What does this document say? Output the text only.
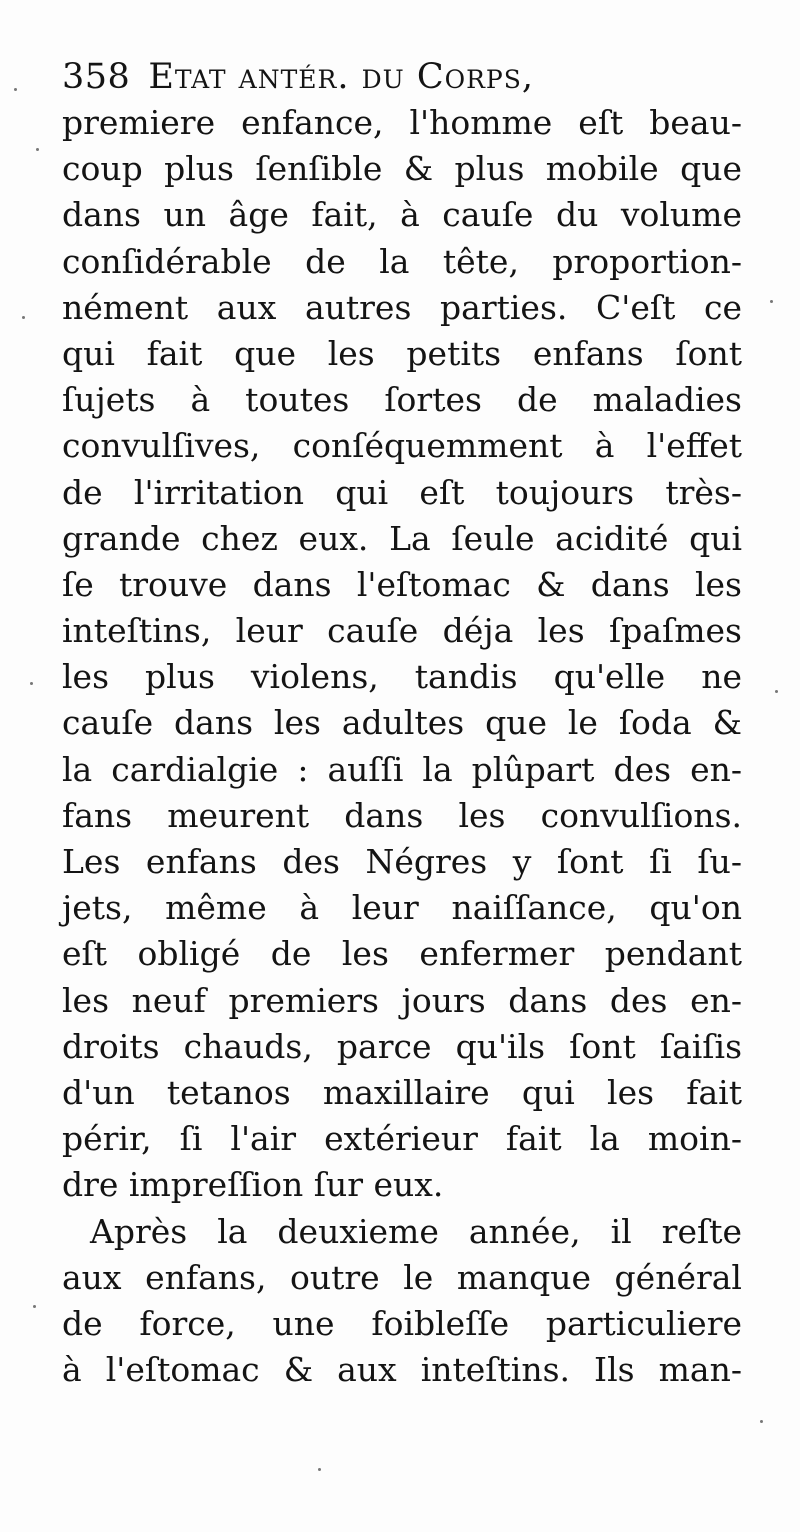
358 Etat antér. du Corps,
premiere enfance, l'homme eſt beau-
coup plus ſenſible & plus mobile que
dans un âge fait, à cauſe du volume
conſidérable de la tête, proportion-
nément aux autres parties. C'eſt ce
qui fait que les petits enfans ſont
ſujets à toutes ſortes de maladies
convulſives, conſéquemment à l'effet
de l'irritation qui eſt toujours très-
grande chez eux. La ſeule acidité qui
ſe trouve dans l'eſtomac & dans les
inteſtins, leur cauſe déja les ſpaſmes
les plus violens, tandis qu'elle ne
cauſe dans les adultes que le ſoda &
la cardialgie : auſſi la plûpart des en-
fans meurent dans les convulſions.
Les enfans des Négres y ſont ſi ſu-
jets, même à leur naiſſance, qu'on
eſt obligé de les enfermer pendant
les neuf premiers jours dans des en-
droits chauds, parce qu'ils ſont ſaiſis
d'un tetanos maxillaire qui les fait
périr, ſi l'air extérieur fait la moin-
dre impreſſion ſur eux.
Après la deuxieme année, il reſte
aux enfans, outre le manque général
de force, une foibleſſe particuliere
à l'eſtomac & aux inteſtins. Ils man-
